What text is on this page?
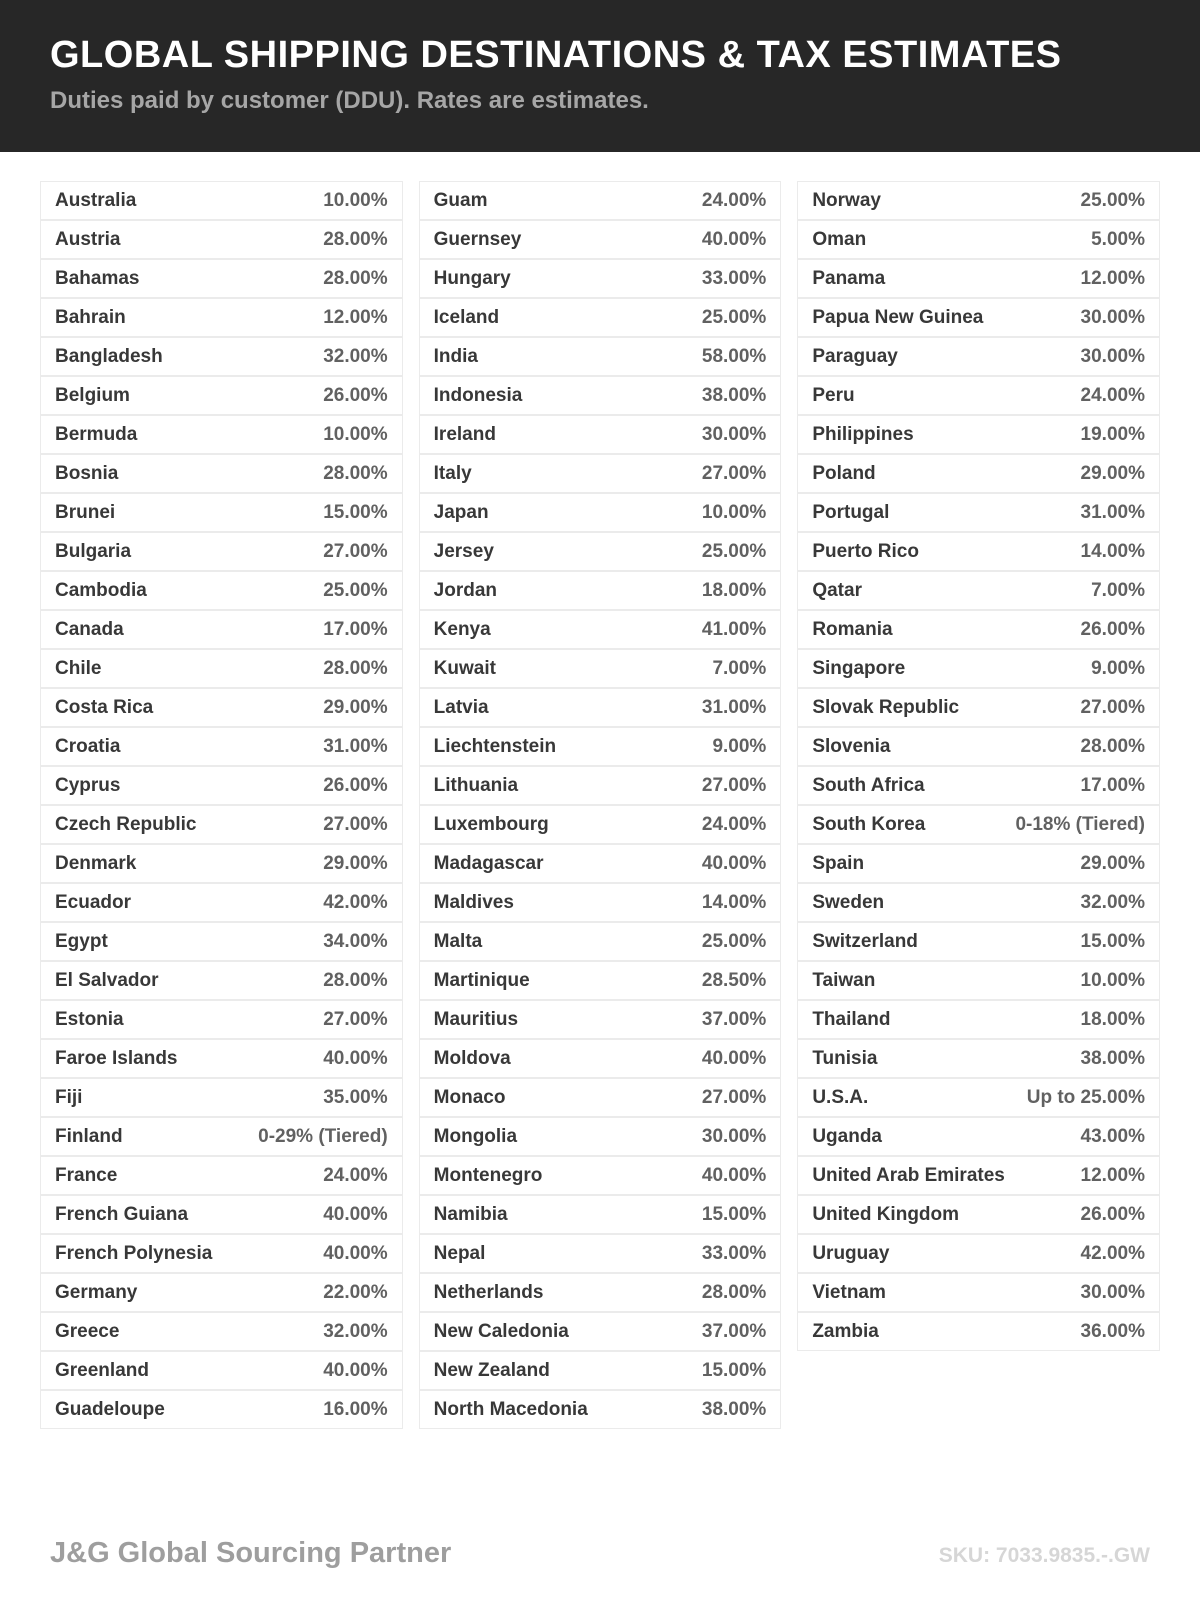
GLOBAL SHIPPING DESTINATIONS & TAX ESTIMATES

Duties paid by customer (DDU). Rates are estimates.

Australia	10.00%
Austria	28.00%
Bahamas	28.00%
Bahrain	12.00%
Bangladesh	32.00%
Belgium	26.00%
Bermuda	10.00%
Bosnia	28.00%
Brunei	15.00%
Bulgaria	27.00%
Cambodia	25.00%
Canada	17.00%
Chile	28.00%
Costa Rica	29.00%
Croatia	31.00%
Cyprus	26.00%
Czech Republic	27.00%
Denmark	29.00%
Ecuador	42.00%
Egypt	34.00%
El Salvador	28.00%
Estonia	27.00%
Faroe Islands	40.00%
Fiji	35.00%
Finland	0-29% (Tiered)
France	24.00%
French Guiana	40.00%
French Polynesia	40.00%
Germany	22.00%
Greece	32.00%
Greenland	40.00%
Guadeloupe	16.00%
Guam	24.00%
Guernsey	40.00%
Hungary	33.00%
Iceland	25.00%
India	58.00%
Indonesia	38.00%
Ireland	30.00%
Italy	27.00%
Japan	10.00%
Jersey	25.00%
Jordan	18.00%
Kenya	41.00%
Kuwait	7.00%
Latvia	31.00%
Liechtenstein	9.00%
Lithuania	27.00%
Luxembourg	24.00%
Madagascar	40.00%
Maldives	14.00%
Malta	25.00%
Martinique	28.50%
Mauritius	37.00%
Moldova	40.00%
Monaco	27.00%
Mongolia	30.00%
Montenegro	40.00%
Namibia	15.00%
Nepal	33.00%
Netherlands	28.00%
New Caledonia	37.00%
New Zealand	15.00%
North Macedonia	38.00%
Norway	25.00%
Oman	5.00%
Panama	12.00%
Papua New Guinea	30.00%
Paraguay	30.00%
Peru	24.00%
Philippines	19.00%
Poland	29.00%
Portugal	31.00%
Puerto Rico	14.00%
Qatar	7.00%
Romania	26.00%
Singapore	9.00%
Slovak Republic	27.00%
Slovenia	28.00%
South Africa	17.00%
South Korea	0-18% (Tiered)
Spain	29.00%
Sweden	32.00%
Switzerland	15.00%
Taiwan	10.00%
Thailand	18.00%
Tunisia	38.00%
U.S.A.	Up to 25.00%
Uganda	43.00%
United Arab Emirates	12.00%
United Kingdom	26.00%
Uruguay	42.00%
Vietnam	30.00%
Zambia	36.00%
J&G Global Sourcing Partner	SKU: 7033.9835.-.GW
